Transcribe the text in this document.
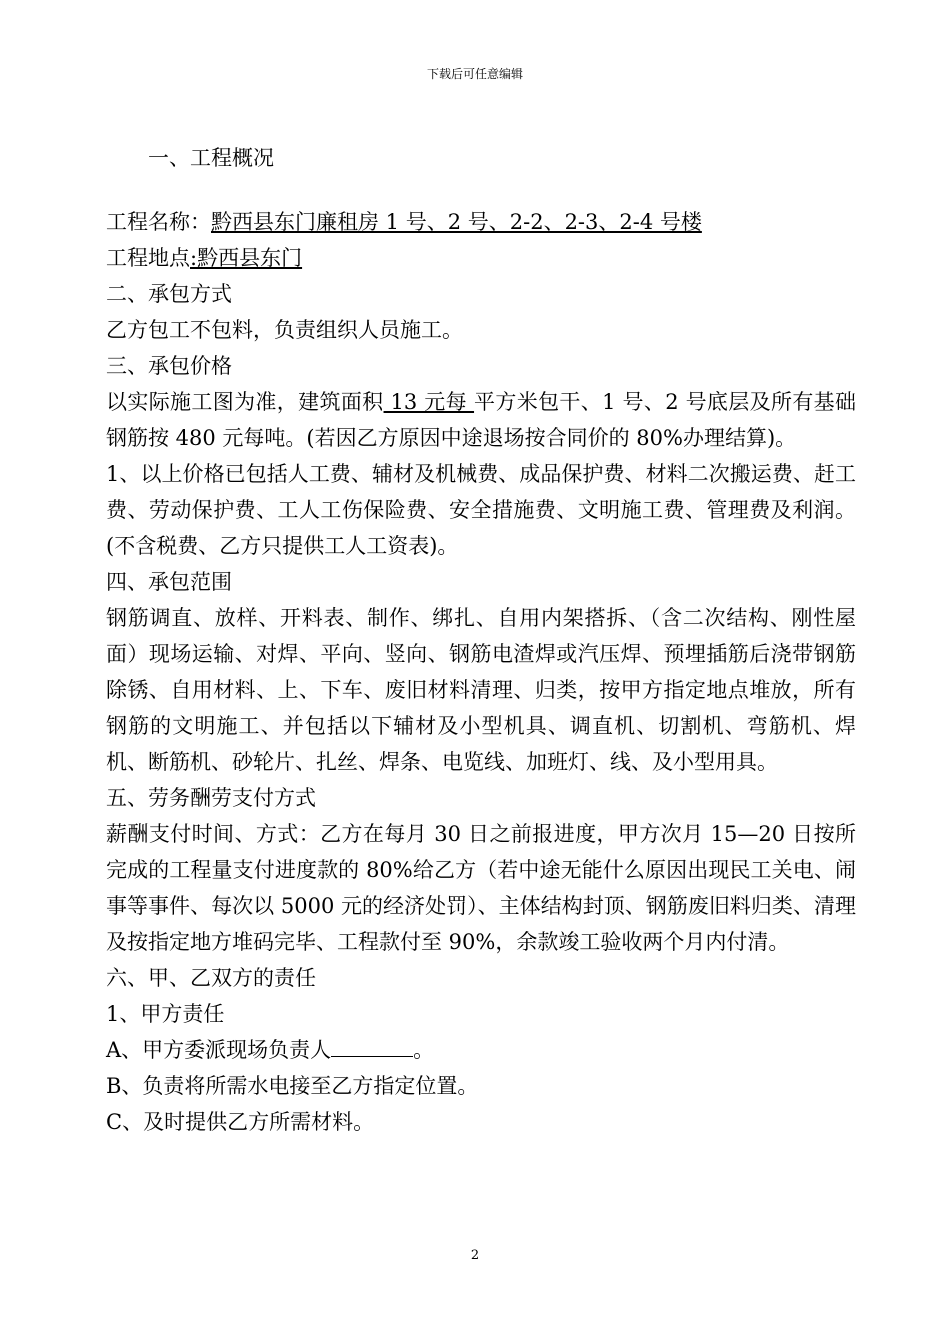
下载后可任意编辑

一、工程概况

工程名称：黔西县东门廉租房 1 号、2 号、2-2、2-3、2-4 号楼

工程地点:黔西县东门

二、承包方式

乙方包工不包料，负责组织人员施工。

三、承包价格

以实际施工图为准，建筑面积 13 元每 平方米包干、1 号、2 号底层及所有基础钢筋按 480 元每吨。(若因乙方原因中途退场按合同价的 80%办理结算)。

1、以上价格已包括人工费、辅材及机械费、成品保护费、材料二次搬运费、赶工费、劳动保护费、工人工伤保险费、安全措施费、文明施工费、管理费及利润。(不含税费、乙方只提供工人工资表)。

四、承包范围

钢筋调直、放样、开料表、制作、绑扎、自用内架搭拆、（含二次结构、刚性屋面）现场运输、对焊、平向、竖向、钢筋电渣焊或汽压焊、预埋插筋后浇带钢筋除锈、自用材料、上、下车、废旧材料清理、归类，按甲方指定地点堆放，所有钢筋的文明施工、并包括以下辅材及小型机具、调直机、切割机、弯筋机、焊机、断筋机、砂轮片、扎丝、焊条、电览线、加班灯、线、及小型用具。

五、劳务酬劳支付方式

薪酬支付时间、方式：乙方在每月 30 日之前报进度，甲方次月 15—20 日按所完成的工程量支付进度款的 80%给乙方（若中途无能什么原因出现民工关电、闹事等事件、每次以 5000 元的经济处罚）、主体结构封顶、钢筋废旧料归类、清理及按指定地方堆码完毕、工程款付至 90%，余款竣工验收两个月内付清。

六、甲、乙双方的责任

1、甲方责任

A、甲方委派现场负责人	。

B、负责将所需水电接至乙方指定位置。

C、及时提供乙方所需材料。

2
